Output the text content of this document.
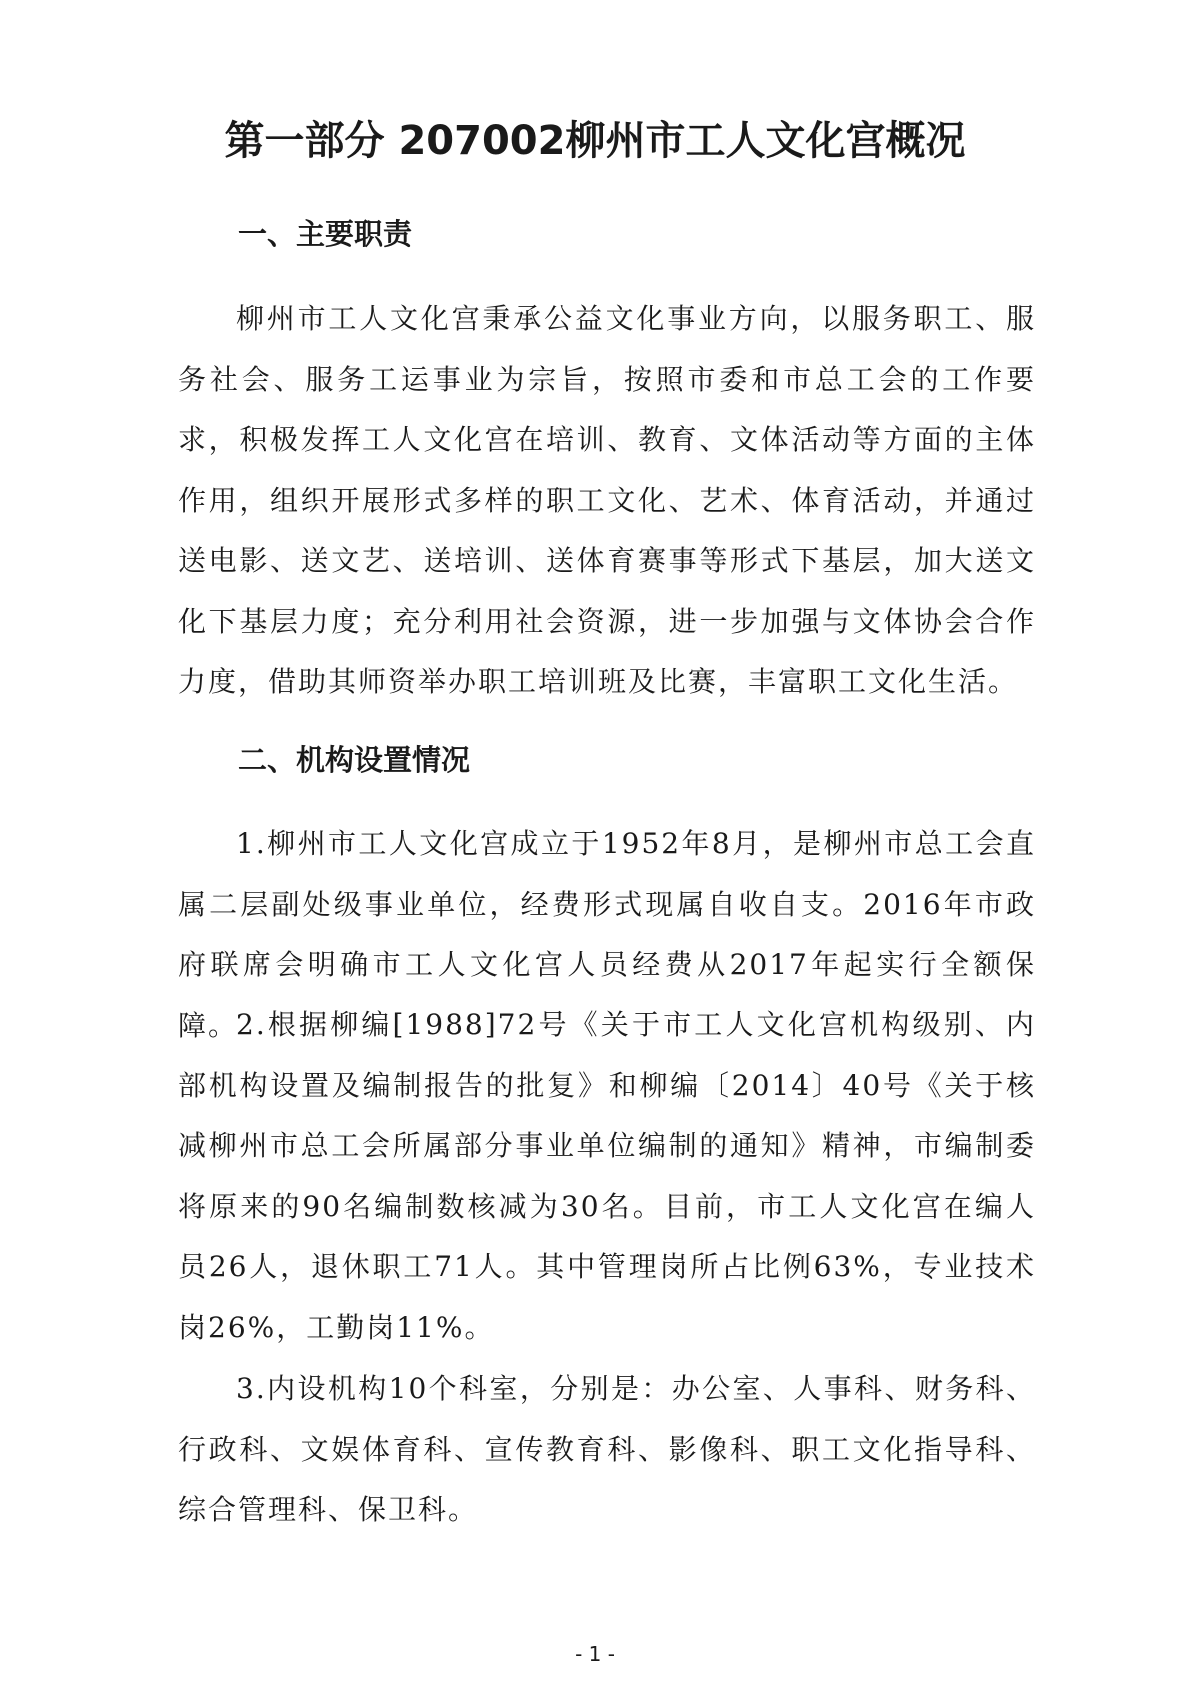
第一部分 207002柳州市工人文化宫概况
一、主要职责

柳州市工人文化宫秉承公益文化事业方向，以服务职工、服务社会、服务工运事业为宗旨，按照市委和市总工会的工作要求，积极发挥工人文化宫在培训、教育、文体活动等方面的主体作用，组织开展形式多样的职工文化、艺术、体育活动，并通过送电影、送文艺、送培训、送体育赛事等形式下基层，加大送文化下基层力度；充分利用社会资源，进一步加强与文体协会合作力度，借助其师资举办职工培训班及比赛，丰富职工文化生活。

二、机构设置情况

1.柳州市工人文化宫成立于1952年8月，是柳州市总工会直属二层副处级事业单位，经费形式现属自收自支。2016年市政府联席会明确市工人文化宫人员经费从2017年起实行全额保障。

2.根据柳编[1988]72号《关于市工人文化宫机构级别、内部机构设置及编制报告的批复》和柳编〔2014〕40号《关于核减柳州市总工会所属部分事业单位编制的通知》精神，市编制委将原来的90名编制数核减为30名。目前，市工人文化宫在编人员26人，退休职工71人。其中管理岗所占比例63%，专业技术岗26%，工勤岗11%。

3.内设机构10个科室，分别是：办公室、人事科、财务科、行政科、文娱体育科、宣传教育科、影像科、职工文化指导科、综合管理科、保卫科。

- 1 -
